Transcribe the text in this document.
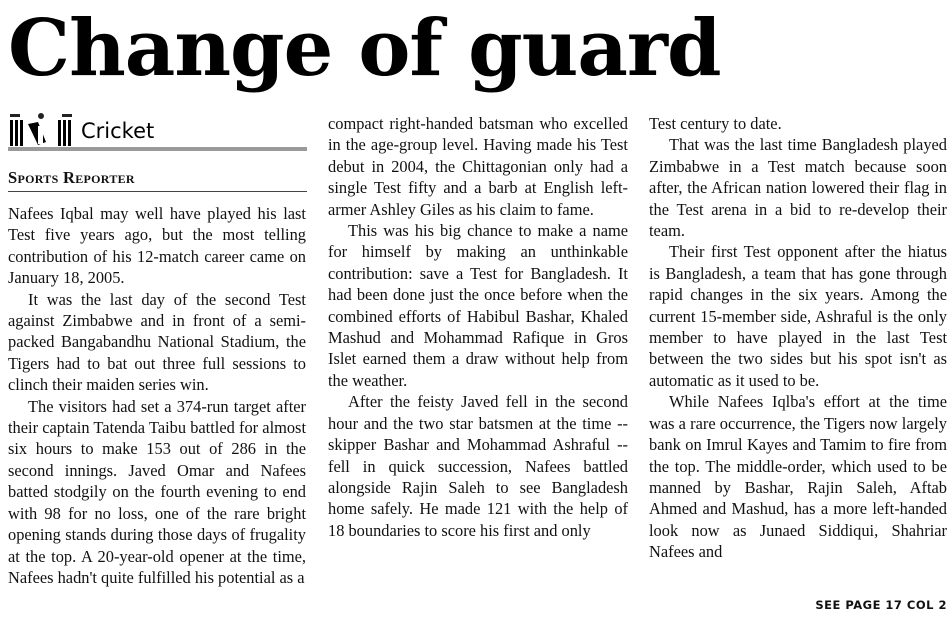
Change of guard
Cricket
Sports Reporter

Nafees Iqbal may well have played his last Test five years ago, but the most telling contribution of his 12-match career came on January 18, 2005.

It was the last day of the second Test against Zimbabwe and in front of a semi-packed Bangabandhu National Stadium, the Tigers had to bat out three full sessions to clinch their maiden series win.

The visitors had set a 374-run target after their captain Tatenda Taibu battled for almost six hours to make 153 out of 286 in the second innings. Javed Omar and Nafees batted stodgily on the fourth evening to end with 98 for no loss, one of the rare bright opening stands during those days of frugality at the top. A 20-year-old opener at the time, Nafees hadn't quite fulfilled his potential as a

compact right-handed batsman who excelled in the age-group level. Having made his Test debut in 2004, the Chittagonian only had a single Test fifty and a barb at English left-armer Ashley Giles as his claim to fame.

This was his big chance to make a name for himself by making an unthinkable contribution: save a Test for Bangladesh. It had been done just the once before when the combined efforts of Habibul Bashar, Khaled Mashud and Mohammad Rafique in Gros Islet earned them a draw without help from the weather.

After the feisty Javed fell in the second hour and the two star batsmen at the time -- skipper Bashar and Mohammad Ashraful -- fell in quick succession, Nafees battled alongside Rajin Saleh to see Bangladesh home safely. He made 121 with the help of 18 boundaries to score his first and only

Test century to date.

That was the last time Bangladesh played Zimbabwe in a Test match because soon after, the African nation lowered their flag in the Test arena in a bid to re-develop their team.

Their first Test opponent after the hiatus is Bangladesh, a team that has gone through rapid changes in the six years. Among the current 15-member side, Ashraful is the only member to have played in the last Test between the two sides but his spot isn't as automatic as it used to be.

While Nafees Iqlba's effort at the time was a rare occurrence, the Tigers now largely bank on Imrul Kayes and Tamim to fire from the top. The middle-order, which used to be manned by Bashar, Rajin Saleh, Aftab Ahmed and Mashud, has a more left-handed look now as Junaed Siddiqui, Shahriar Nafees and

SEE PAGE 17 COL 2
